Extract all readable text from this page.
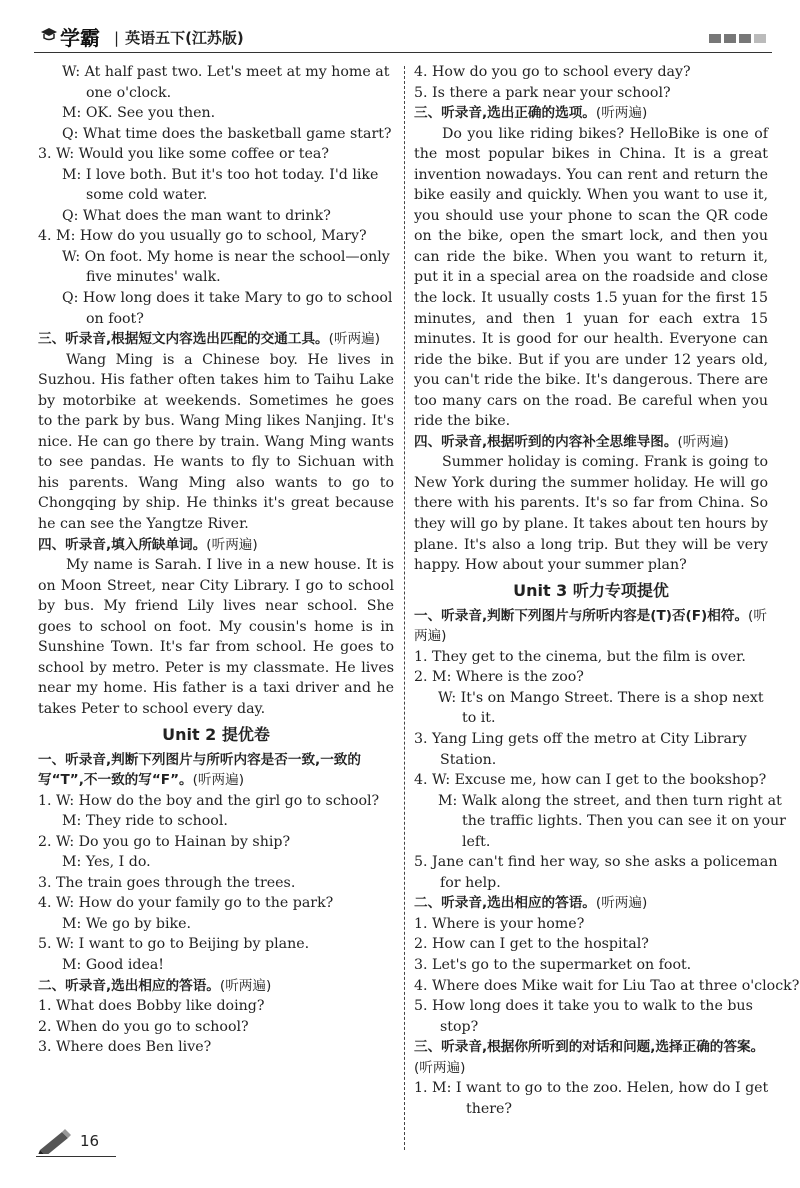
学霸 | 英语五下(江苏版)
W: At half past two. Let's meet at my home at
one o'clock.
M: OK. See you then.
Q: What time does the basketball game start?
3. W: Would you like some coffee or tea?
M: I love both. But it's too hot today. I'd like
some cold water.
Q: What does the man want to drink?
4. M: How do you usually go to school, Mary?
W: On foot. My home is near the school—only
five minutes' walk.
Q: How long does it take Mary to go to school
on foot?
三、听录音,根据短文内容选出匹配的交通工具。(听两遍)
Wang Ming is a Chinese boy. He lives in Suzhou. His father often takes him to Taihu Lake by motorbike at weekends. Sometimes he goes to the park by bus. Wang Ming likes Nanjing. It's nice. He can go there by train. Wang Ming wants to see pandas. He wants to fly to Sichuan with his parents. Wang Ming also wants to go to Chongqing by ship. He thinks it's great because he can see the Yangtze River.
四、听录音,填入所缺单词。(听两遍)
My name is Sarah. I live in a new house. It is on Moon Street, near City Library. I go to school by bus. My friend Lily lives near school. She goes to school on foot. My cousin's home is in Sunshine Town. It's far from school. He goes to school by metro. Peter is my classmate. He lives near my home. His father is a taxi driver and he takes Peter to school every day.
Unit 2 提优卷
一、听录音,判断下列图片与所听内容是否一致,一致的写“T”,不一致的写“F”。(听两遍)
1. W: How do the boy and the girl go to school?
M: They ride to school.
2. W: Do you go to Hainan by ship?
M: Yes, I do.
3. The train goes through the trees.
4. W: How do your family go to the park?
M: We go by bike.
5. W: I want to go to Beijing by plane.
M: Good idea!
二、听录音,选出相应的答语。(听两遍)
1. What does Bobby like doing?
2. When do you go to school?
3. Where does Ben live?
4. How do you go to school every day?
5. Is there a park near your school?
三、听录音,选出正确的选项。(听两遍)
Do you like riding bikes? HelloBike is one of the most popular bikes in China. It is a great invention nowadays. You can rent and return the bike easily and quickly. When you want to use it, you should use your phone to scan the QR code on the bike, open the smart lock, and then you can ride the bike. When you want to return it, put it in a special area on the roadside and close the lock. It usually costs 1.5 yuan for the first 15 minutes, and then 1 yuan for each extra 15 minutes. It is good for our health. Everyone can ride the bike. But if you are under 12 years old, you can't ride the bike. It's dangerous. There are too many cars on the road. Be careful when you ride the bike.
四、听录音,根据听到的内容补全思维导图。(听两遍)
Summer holiday is coming. Frank is going to New York during the summer holiday. He will go there with his parents. It's so far from China. So they will go by plane. It takes about ten hours by plane. It's also a long trip. But they will be very happy. How about your summer plan?
Unit 3 听力专项提优
一、听录音,判断下列图片与所听内容是(T)否(F)相符。(听两遍)
1. They get to the cinema, but the film is over.
2. M: Where is the zoo?
W: It's on Mango Street. There is a shop next
to it.
3. Yang Ling gets off the metro at City Library
Station.
4. W: Excuse me, how can I get to the bookshop?
M: Walk along the street, and then turn right at
the traffic lights. Then you can see it on your
left.
5. Jane can't find her way, so she asks a policeman
for help.
二、听录音,选出相应的答语。(听两遍)
1. Where is your home?
2. How can I get to the hospital?
3. Let's go to the supermarket on foot.
4. Where does Mike wait for Liu Tao at three o'clock?
5. How long does it take you to walk to the bus
stop?
三、听录音,根据你所听到的对话和问题,选择正确的答案。(听两遍)
1. M: I want to go to the zoo. Helen, how do I get
there?
16
